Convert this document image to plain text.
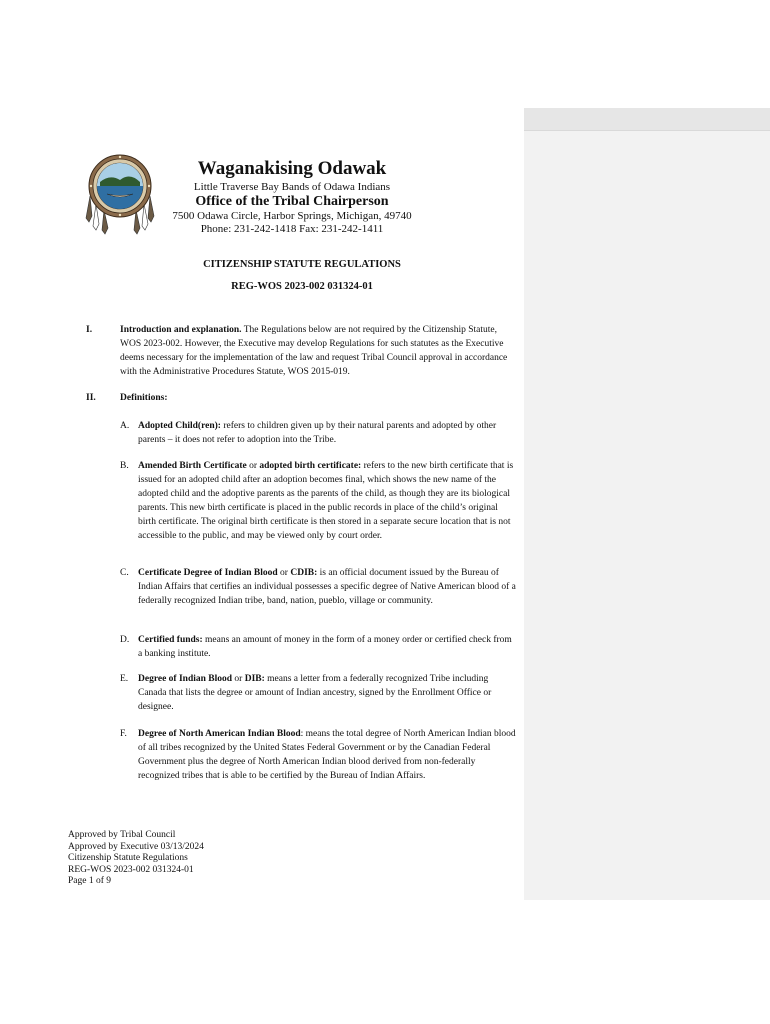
Waganakising Odawak
Little Traverse Bay Bands of Odawa Indians
Office of the Tribal Chairperson
7500 Odawa Circle, Harbor Springs, Michigan, 49740
Phone: 231-242-1418 Fax: 231-242-1411
CITIZENSHIP STATUTE REGULATIONS
REG-WOS 2023-002 031324-01
I.	Introduction and explanation. The Regulations below are not required by the Citizenship Statute, WOS 2023-002. However, the Executive may develop Regulations for such statutes as the Executive deems necessary for the implementation of the law and request Tribal Council approval in accordance with the Administrative Procedures Statute, WOS 2015-019.
II.	Definitions:
A. Adopted Child(ren): refers to children given up by their natural parents and adopted by other parents – it does not refer to adoption into the Tribe.
B. Amended Birth Certificate or adopted birth certificate: refers to the new birth certificate that is issued for an adopted child after an adoption becomes final, which shows the new name of the adopted child and the adoptive parents as the parents of the child, as though they are its biological parents. This new birth certificate is placed in the public records in place of the child’s original birth certificate. The original birth certificate is then stored in a separate secure location that is not accessible to the public, and may be viewed only by court order.
C. Certificate Degree of Indian Blood or CDIB: is an official document issued by the Bureau of Indian Affairs that certifies an individual possesses a specific degree of Native American blood of a federally recognized Indian tribe, band, nation, pueblo, village or community.
D. Certified funds: means an amount of money in the form of a money order or certified check from a banking institute.
E. Degree of Indian Blood or DIB: means a letter from a federally recognized Tribe including Canada that lists the degree or amount of Indian ancestry, signed by the Enrollment Office or designee.
F. Degree of North American Indian Blood: means the total degree of North American Indian blood of all tribes recognized by the United States Federal Government or by the Canadian Federal Government plus the degree of North American Indian blood derived from non-federally recognized tribes that is able to be certified by the Bureau of Indian Affairs.
Approved by Tribal Council
Approved by Executive 03/13/2024
Citizenship Statute Regulations
REG-WOS 2023-002 031324-01
Page 1 of 9
